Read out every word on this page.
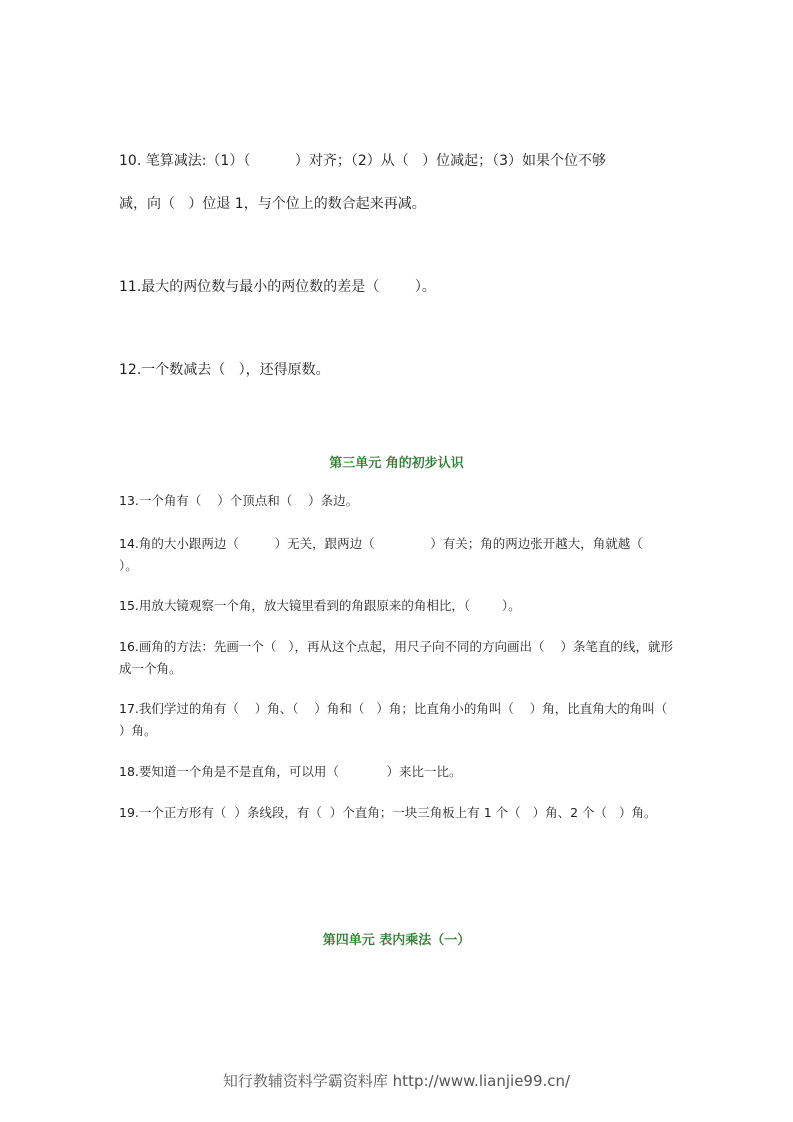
10. 笔算减法:（1）（          ）对齐；（2）从（   ）位减起；（3）如果个位不够

减，向（   ）位退 1，与个位上的数合起来再减。

11.最大的两位数与最小的两位数的差是（        ）。

12.一个数减去（   ），还得原数。

第三单元 角的初步认识

13.一个角有（    ）个顶点和（    ）条边。

14.角的大小跟两边（         ）无关，跟两边（              ）有关；角的两边张开越大，角就越（          ）。

15.用放大镜观察一个角，放大镜里看到的角跟原来的角相比，（        ）。

16.画角的方法：先画一个（   ），再从这个点起，用尺子向不同的方向画出（    ）条笔直的线，就形成一个角。

17.我们学过的角有（    ）角、（    ）角和（   ）角；比直角小的角叫（    ）角，比直角大的角叫（   ）角。

18.要知道一个角是不是直角，可以用（            ）来比一比。

19.一个正方形有（  ）条线段，有（  ）个直角；一块三角板上有 1 个（   ）角、2 个（   ）角。

第四单元 表内乘法（一）
知行教辅资料学霸资料库 http://www.lianjie99.cn/
